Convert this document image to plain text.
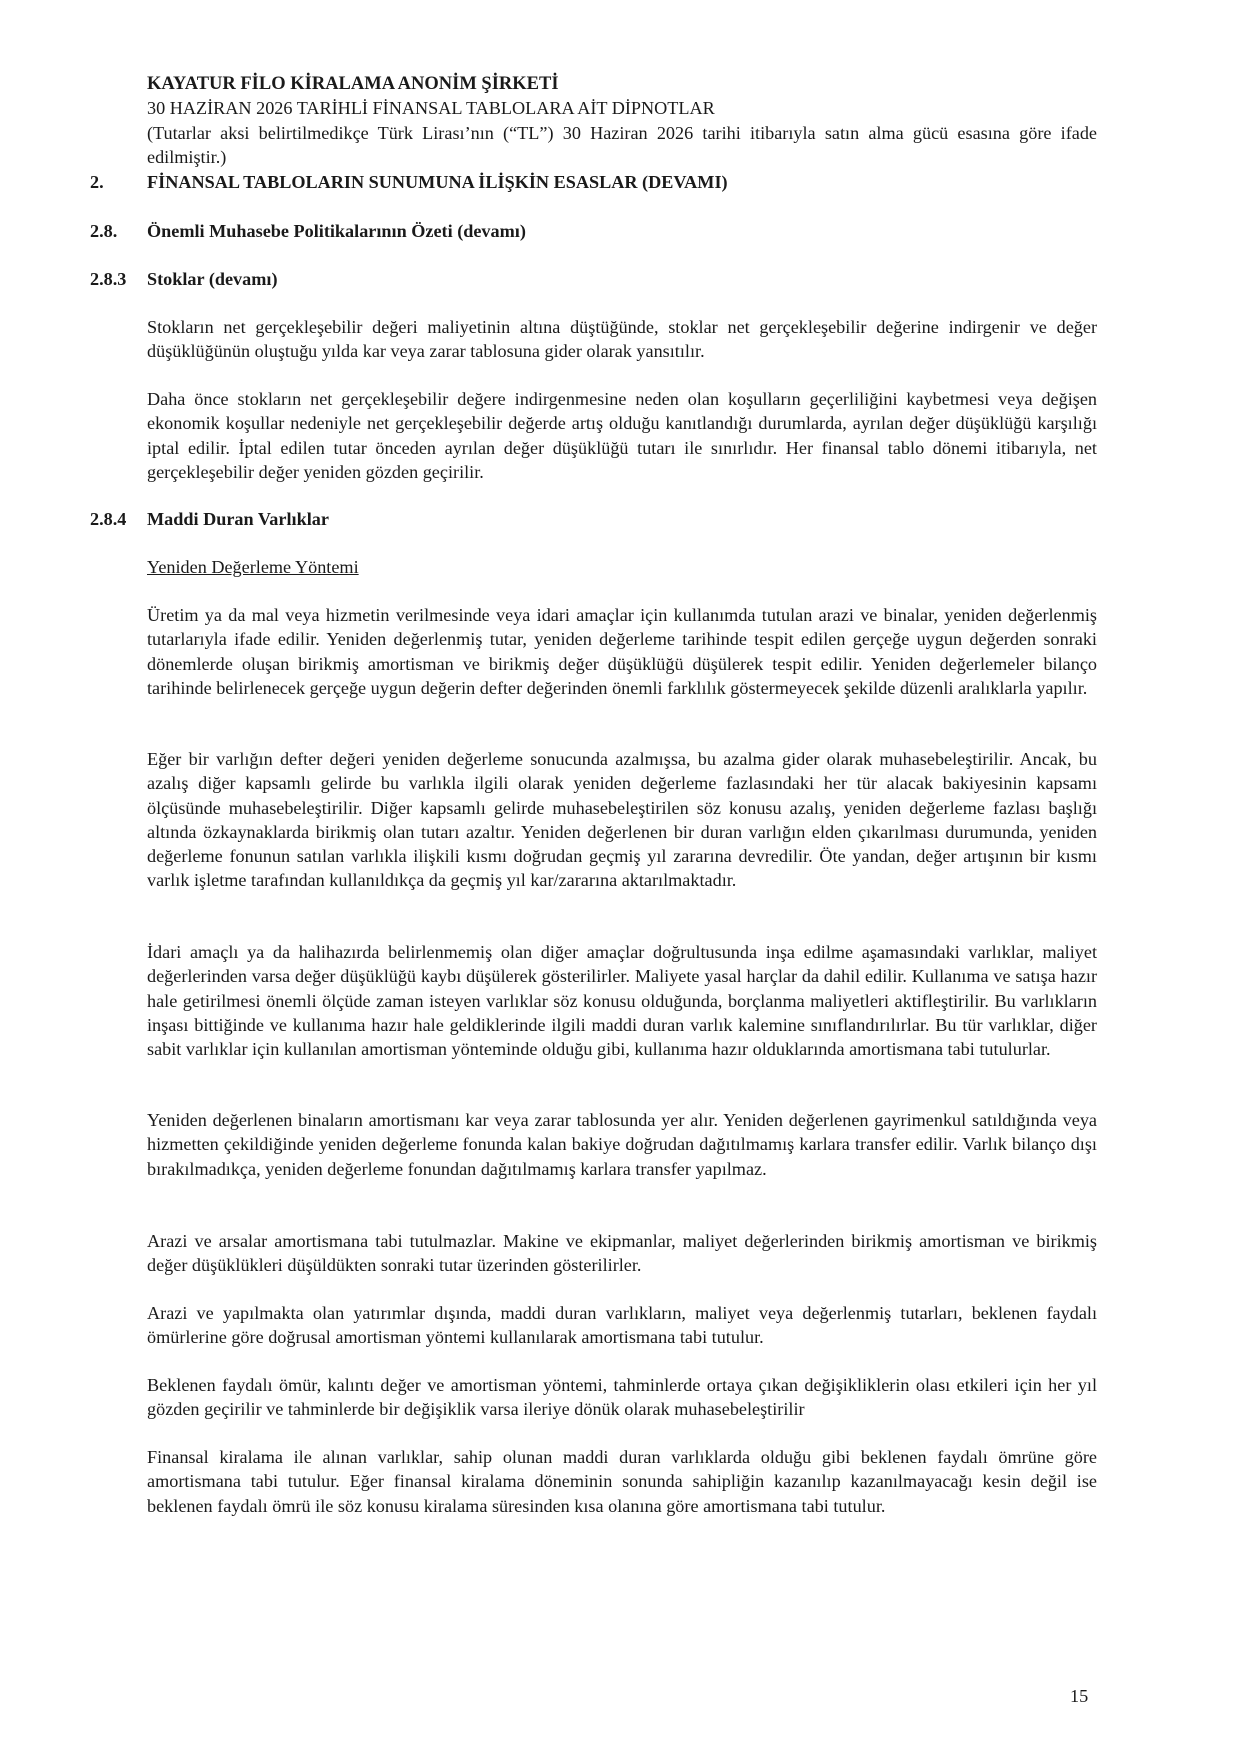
KAYATUR FİLO KİRALAMA ANONİM ŞİRKETİ
30 HAZİRAN 2026 TARİHLİ FİNANSAL TABLOLARA AİT DİPNOTLAR
(Tutarlar aksi belirtilmedikçe Türk Lirası’nın (“TL”) 30 Haziran 2026 tarihi itibarıyla satın alma gücü esasına göre ifade edilmiştir.)
2. FİNANSAL TABLOLARIN SUNUMUNA İLİŞKİN ESASLAR (DEVAMI)
2.8. Önemli Muhasebe Politikalarının Özeti (devamı)
2.8.3 Stoklar (devamı)

Stokların net gerçekleşebilir değeri maliyetinin altına düştüğünde, stoklar net gerçekleşebilir değerine indirgenir ve değer düşüklüğünün oluştuğu yılda kar veya zarar tablosuna gider olarak yansıtılır.

Daha önce stokların net gerçekleşebilir değere indirgenmesine neden olan koşulların geçerliliğini kaybetmesi veya değişen ekonomik koşullar nedeniyle net gerçekleşebilir değerde artış olduğu kanıtlandığı durumlarda, ayrılan değer düşüklüğü karşılığı iptal edilir. İptal edilen tutar önceden ayrılan değer düşüklüğü tutarı ile sınırlıdır. Her finansal tablo dönemi itibarıyla, net gerçekleşebilir değer yeniden gözden geçirilir.

2.8.4 Maddi Duran Varlıklar
Yeniden Değerleme Yöntemi

Üretim ya da mal veya hizmetin verilmesinde veya idari amaçlar için kullanımda tutulan arazi ve binalar, yeniden değerlenmiş tutarlarıyla ifade edilir. Yeniden değerlenmiş tutar, yeniden değerleme tarihinde tespit edilen gerçeğe uygun değerden sonraki dönemlerde oluşan birikmiş amortisman ve birikmiş değer düşüklüğü düşülerek tespit edilir. Yeniden değerlemeler bilanço tarihinde belirlenecek gerçeğe uygun değerin defter değerinden önemli farklılık göstermeyecek şekilde düzenli aralıklarla yapılır.

Eğer bir varlığın defter değeri yeniden değerleme sonucunda azalmışsa, bu azalma gider olarak muhasebeleştirilir. Ancak, bu azalış diğer kapsamlı gelirde bu varlıkla ilgili olarak yeniden değerleme fazlasındaki her tür alacak bakiyesinin kapsamı ölçüsünde muhasebeleştirilir. Diğer kapsamlı gelirde muhasebeleştirilen söz konusu azalış, yeniden değerleme fazlası başlığı altında özkaynaklarda birikmiş olan tutarı azaltır. Yeniden değerlenen bir duran varlığın elden çıkarılması durumunda, yeniden değerleme fonunun satılan varlıkla ilişkili kısmı doğrudan geçmiş yıl zararına devredilir. Öte yandan, değer artışının bir kısmı varlık işletme tarafından kullanıldıkça da geçmiş yıl kar/zararına aktarılmaktadır.

İdari amaçlı ya da halihazırda belirlenmemiş olan diğer amaçlar doğrultusunda inşa edilme aşamasındaki varlıklar, maliyet değerlerinden varsa değer düşüklüğü kaybı düşülerek gösterilirler. Maliyete yasal harçlar da dahil edilir. Kullanıma ve satışa hazır hale getirilmesi önemli ölçüde zaman isteyen varlıklar söz konusu olduğunda, borçlanma maliyetleri aktifleştirilir. Bu varlıkların inşası bittiğinde ve kullanıma hazır hale geldiklerinde ilgili maddi duran varlık kalemine sınıflandırılırlar. Bu tür varlıklar, diğer sabit varlıklar için kullanılan amortisman yönteminde olduğu gibi, kullanıma hazır olduklarında amortismana tabi tutulurlar.

Yeniden değerlenen binaların amortismanı kar veya zarar tablosunda yer alır. Yeniden değerlenen gayrimenkul satıldığında veya hizmetten çekildiğinde yeniden değerleme fonunda kalan bakiye doğrudan dağıtılmamış karlara transfer edilir. Varlık bilanço dışı bırakılmadıkça, yeniden değerleme fonundan dağıtılmamış karlara transfer yapılmaz.

Arazi ve arsalar amortismana tabi tutulmazlar. Makine ve ekipmanlar, maliyet değerlerinden birikmiş amortisman ve birikmiş değer düşüklükleri düşüldükten sonraki tutar üzerinden gösterilirler.

Arazi ve yapılmakta olan yatırımlar dışında, maddi duran varlıkların, maliyet veya değerlenmiş tutarları, beklenen faydalı ömürlerine göre doğrusal amortisman yöntemi kullanılarak amortismana tabi tutulur.

Beklenen faydalı ömür, kalıntı değer ve amortisman yöntemi, tahminlerde ortaya çıkan değişikliklerin olası etkileri için her yıl gözden geçirilir ve tahminlerde bir değişiklik varsa ileriye dönük olarak muhasebeleştirilir

Finansal kiralama ile alınan varlıklar, sahip olunan maddi duran varlıklarda olduğu gibi beklenen faydalı ömrüne göre amortismana tabi tutulur. Eğer finansal kiralama döneminin sonunda sahipliğin kazanılıp kazanılmayacağı kesin değil ise beklenen faydalı ömrü ile söz konusu kiralama süresinden kısa olanına göre amortismana tabi tutulur.

15
